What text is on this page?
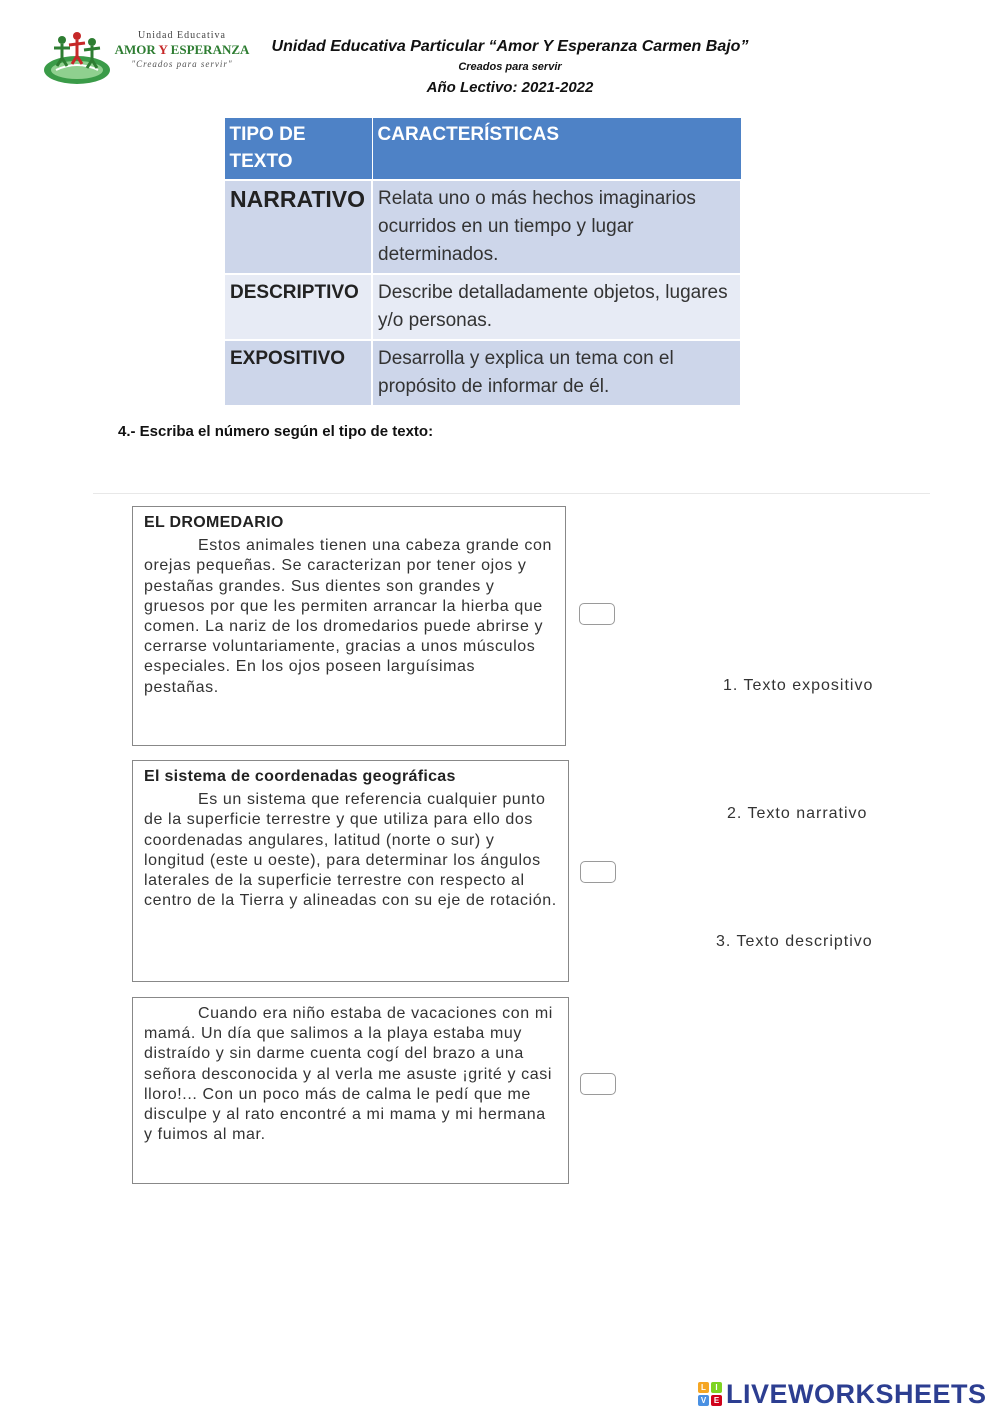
Unidad Educativa
AMOR Y ESPERANZA
"Creados para servir"
Unidad Educativa Particular “Amor Y Esperanza Carmen Bajo”
Creados para servir
Año Lectivo: 2021-2022
TIPO DE TEXTO	CARACTERÍSTICAS
NARRATIVO	Relata uno o más hechos imaginarios ocurridos en un tiempo y lugar determinados.
DESCRIPTIVO	Describe detalladamente objetos, lugares y/o personas.
EXPOSITIVO	Desarrolla y explica un tema con el propósito de informar de él.
4.- Escriba el número según el tipo de texto:
EL DROMEDARIO
Estos animales tienen una cabeza grande con orejas pequeñas. Se caracterizan por tener ojos y pestañas grandes. Sus dientes son grandes y gruesos por que les permiten arrancar la hierba que comen. La nariz de los dromedarios puede abrirse y cerrarse voluntariamente, gracias a unos músculos especiales. En los ojos poseen larguísimas pestañas.
El sistema de coordenadas geográficas
Es un sistema que referencia cualquier punto de la superficie terrestre y que utiliza para ello dos coordenadas angulares, latitud (norte o sur) y longitud (este u oeste), para determinar los ángulos laterales de la superficie terrestre con respecto al centro de la Tierra y alineadas con su eje de rotación.
Cuando era niño estaba de vacaciones con mi mamá. Un día que salimos a la playa estaba muy distraído y sin darme cuenta cogí del brazo a una señora desconocida y al verla me asuste ¡grité y casi lloro!... Con un poco más de calma le pedí que me disculpe y al rato encontré a mi mama y mi hermana y fuimos al mar.
1. Texto expositivo
2. Texto narrativo
3. Texto descriptivo
L	I
V E LIVEWORKSHEETS
